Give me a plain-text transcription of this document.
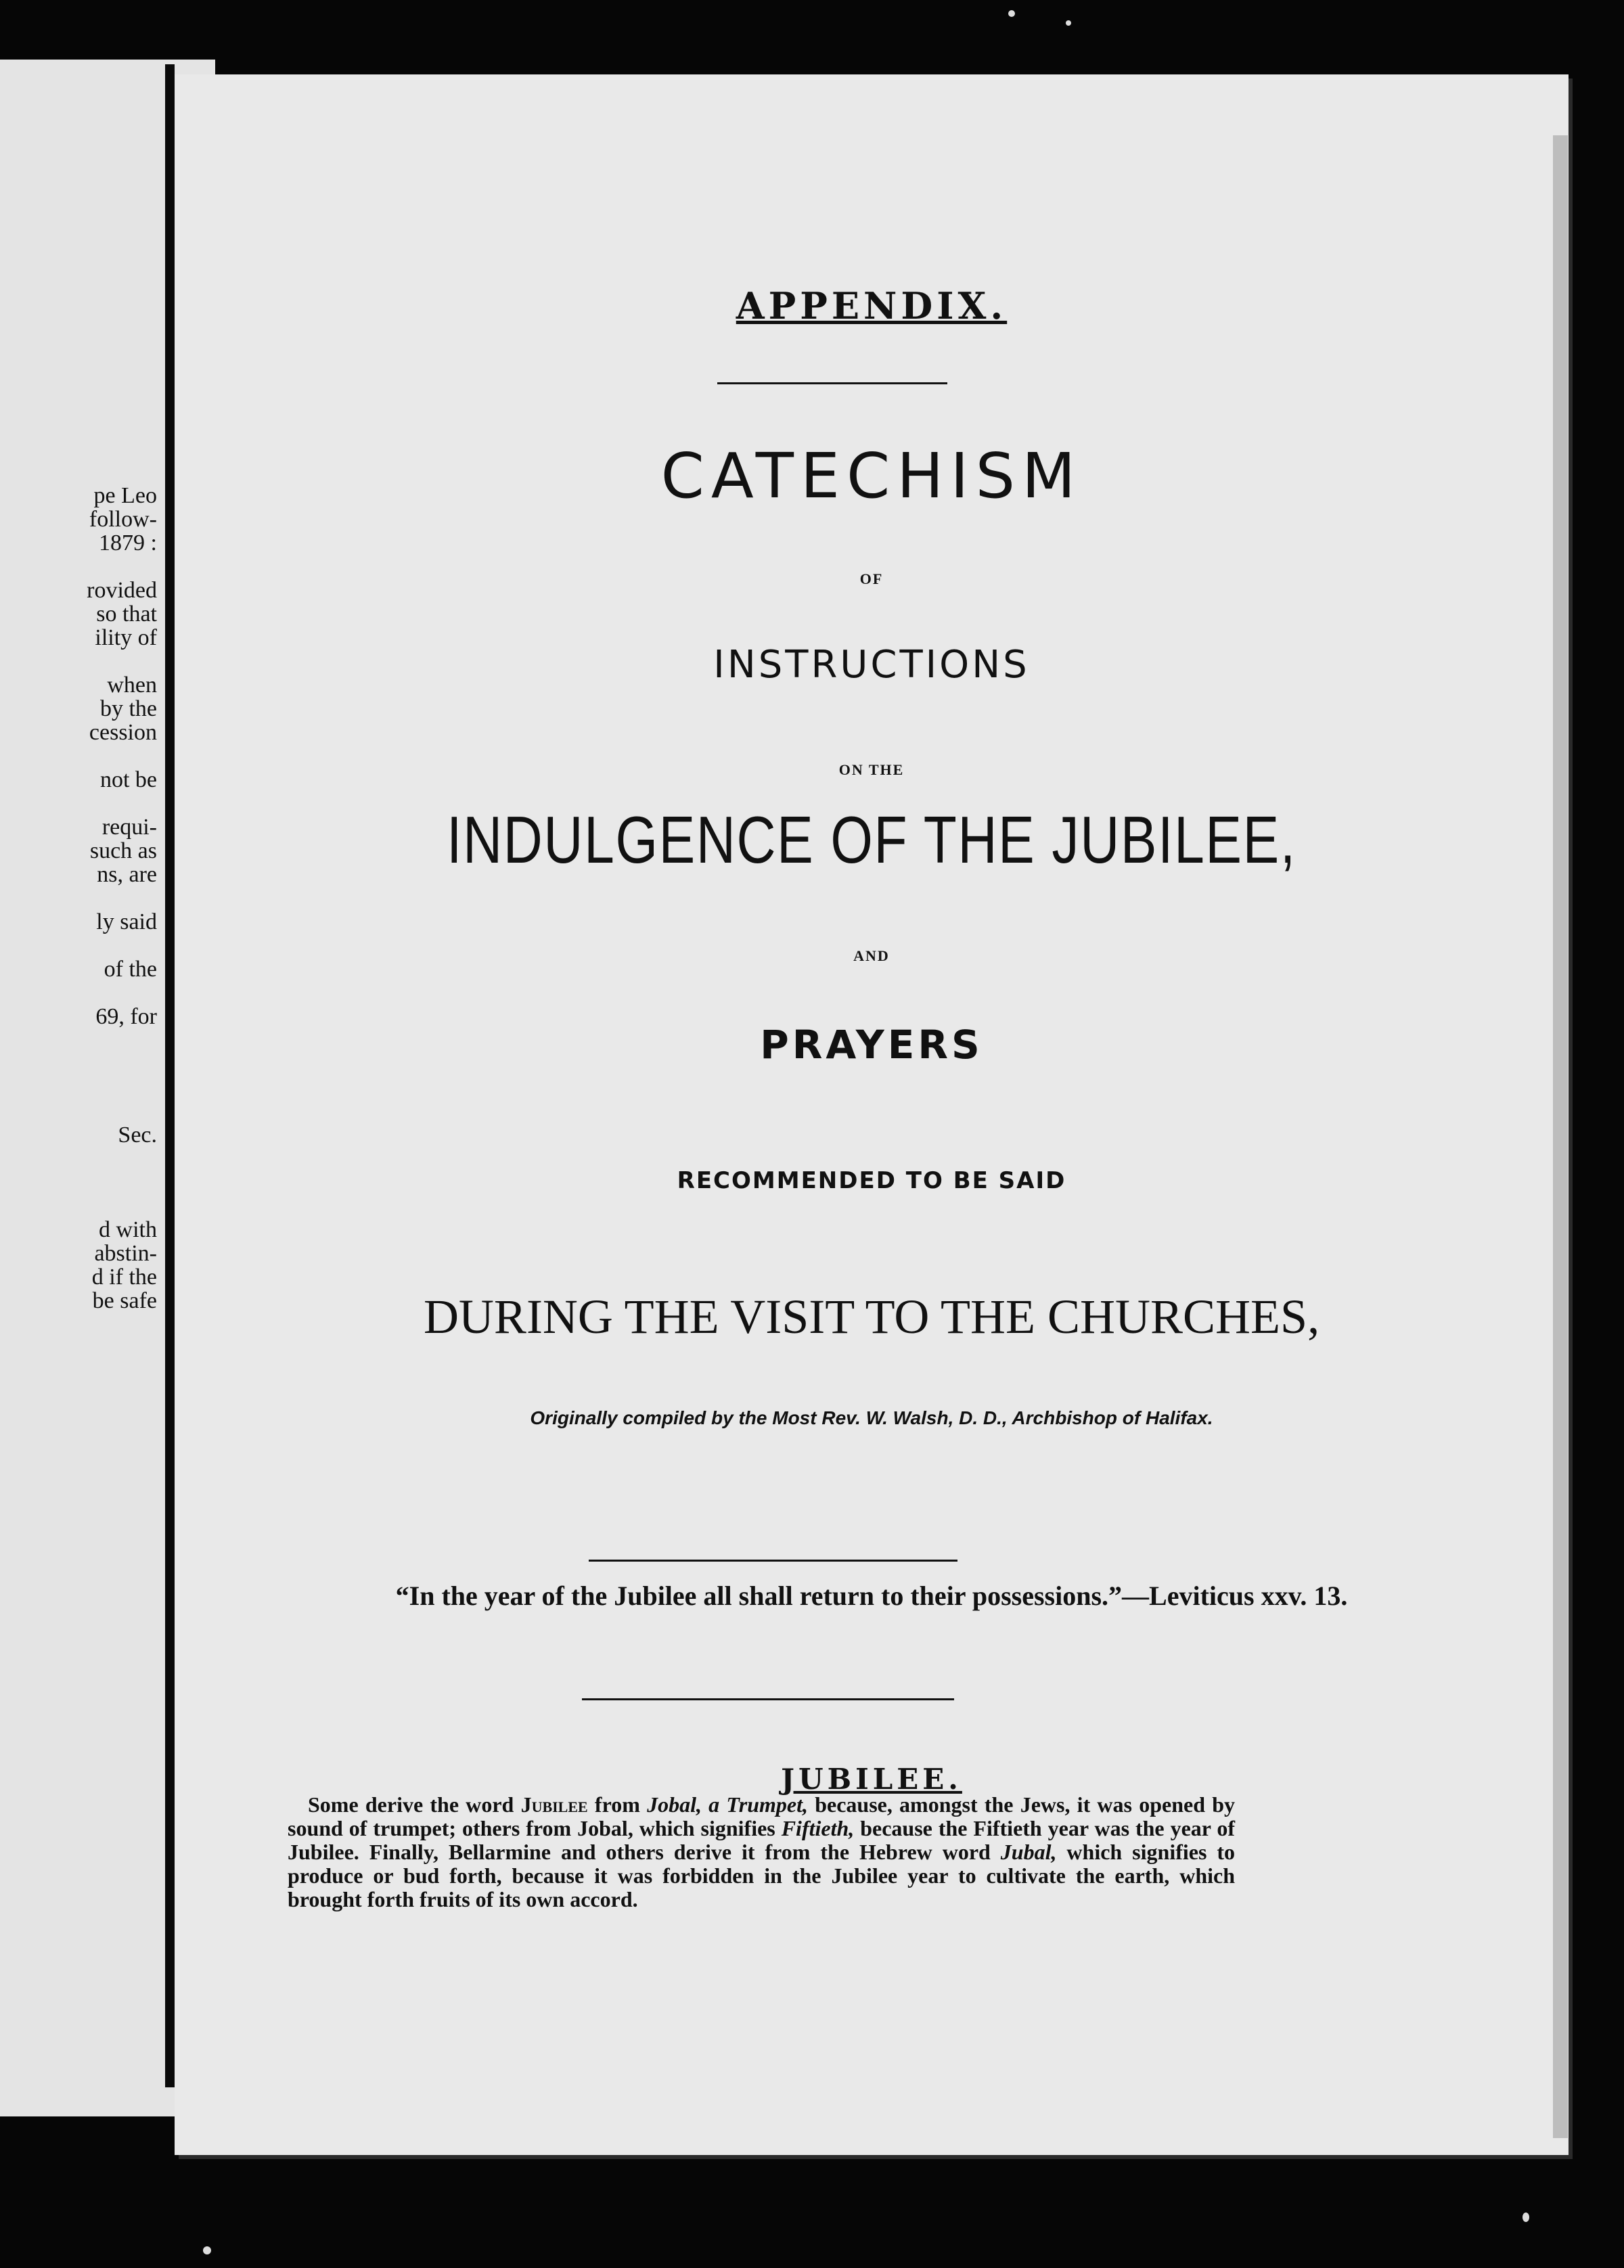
pe Leo
follow-
1879 :
rovided
so that
ility of
when
by the
cession
not be
requi-
such as
ns, are
ly said
of the
69, for
Sec.
d with
abstin-
d if the
be safe
APPENDIX.
CATECHISM
OF
INSTRUCTIONS
ON THE
INDULGENCE OF THE JUBILEE,
AND
PRAYERS
RECOMMENDED TO BE SAID
DURING THE VISIT TO THE CHURCHES,
Originally compiled by the Most Rev. W. Walsh, D. D., Archbishop of Halifax.
“In the year of the Jubilee all shall return to their possessions.”—Leviticus xxv. 13.
JUBILEE.
Some derive the word Jubilee from Jobal, a Trumpet, because, amongst the Jews, it was opened by sound of trumpet; others from Jobal, which signifies Fiftieth, because the Fiftieth year was the year of Jubilee. Finally, Bellarmine and others derive it from the Hebrew word Jubal, which signifies to produce or bud forth, because it was forbidden in the Jubilee year to cultivate the earth, which brought forth fruits of its own accord.
